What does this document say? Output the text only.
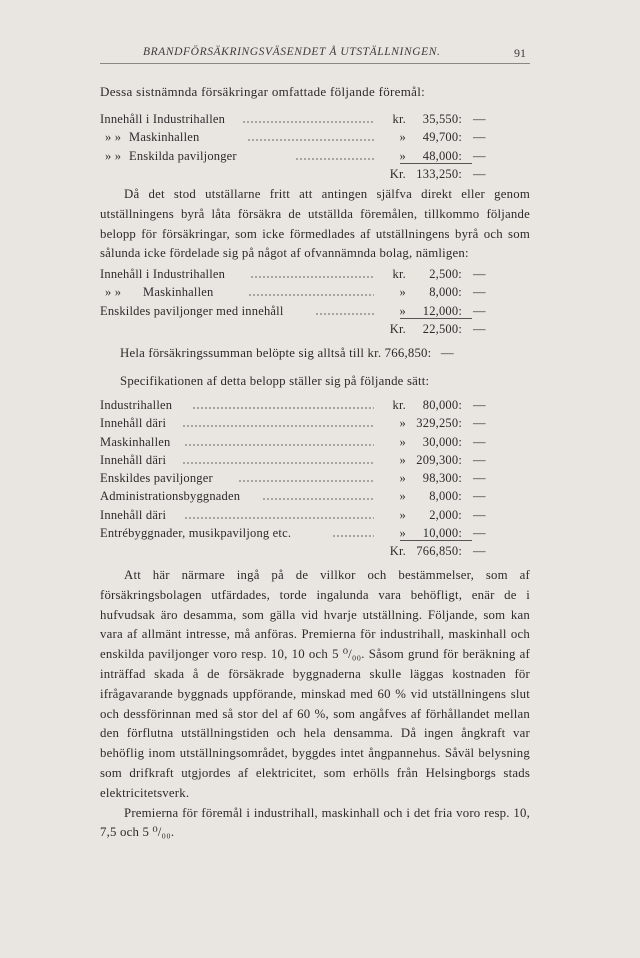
BRANDFÖRSÄKRINGSVÄSENDET Å UTSTÄLLNINGEN.	91
Dessa sistnämnda försäkringar omfattade följande föremål:
Innehåll i Industrihallen	kr.	35,550: —
» »Maskinhallen	»	49,700: —
» »Enskilda paviljonger	»	48,000: —
Kr. 133,250: —

Då det stod utställarne fritt att antingen själfva direkt eller genom utställningens byrå låta försäkra de utställda föremålen, tillkommo följande belopp för försäkringar, som icke förmedlades af utställningens byrå och som sålunda icke fördelade sig på något af ofvannämnda bolag, nämligen:

Innehåll i Industrihallen	kr.	2,500: —
» »Maskinhallen	»	8,000: —
Enskildes paviljonger med innehåll	»	12,000: —
Kr.	22,500: —
Hela försäkringssumman belöpte sig alltså till kr. 766,850: —
Specifikationen af detta belopp ställer sig på följande sätt:
Industrihallen	kr.	80,000: —
Innehåll däri	» 329,250: —
Maskinhallen	»	30,000: —
Innehåll däri	» 209,300: —
Enskildes paviljonger	»	98,300: —
Administrationsbyggnaden	»	8,000: —
Innehåll däri	»	2,000: —
Entrébyggnader, musikpaviljong etc.	»	10,000: —
Kr. 766,850: —

Att här närmare ingå på de villkor och bestämmelser, som af försäkringsbolagen utfärdades, torde ingalunda vara behöfligt, enär de i hufvudsak äro desamma, som gälla vid hvarje utställning. Följande, som kan vara af allmänt intresse, må anföras. Premierna för industrihall, maskinhall och enskilda paviljonger voro resp. 10, 10 och 5 ⁰/₀₀. Såsom grund för beräkning af inträffad skada å de försäkrade byggnaderna skulle läggas kostnaden för ifrågavarande byggnads uppförande, minskad med 60 % vid utställningens slut och dessförinnan med så stor del af 60 %, som angåfves af förhållandet mellan den förflutna utställningstiden och hela densamma. Då ingen ångkraft var behöflig inom utställningsområdet, byggdes intet ångpannehus. Såväl belysning som drifkraft utgjordes af elektricitet, som erhölls från Helsingborgs stads elektricitetsverk.

Premierna för föremål i industrihall, maskinhall och i det fria voro resp. 10, 7,5 och 5 ⁰/₀₀.
